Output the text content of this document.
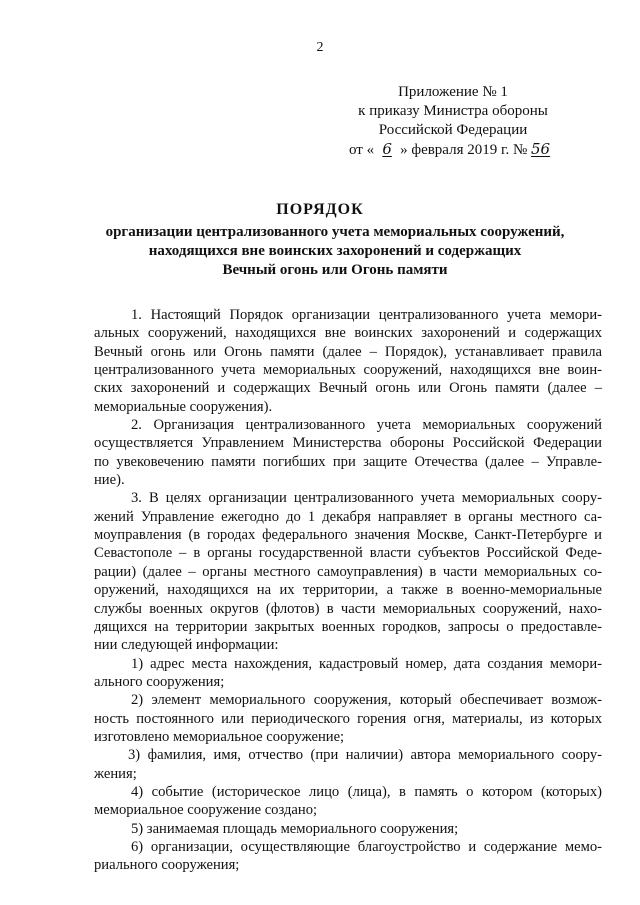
2
Приложение № 1
к приказу Министра обороны
Российской Федерации
от « 6 » февраля 2019 г. № 56
ПОРЯДОК
организации централизованного учета мемориальных сооружений,
находящихся вне воинских захоронений и содержащих
Вечный огонь или Огонь памяти
1. Настоящий Порядок организации централизованного учета мемори-
альных сооружений, находящихся вне воинских захоронений и содержащих
Вечный огонь или Огонь памяти (далее – Порядок), устанавливает правила
централизованного учета мемориальных сооружений, находящихся вне воин-
ских захоронений и содержащих Вечный огонь или Огонь памяти (далее –
мемориальные сооружения).
2. Организация централизованного учета мемориальных сооружений
осуществляется Управлением Министерства обороны Российской Федерации
по увековечению памяти погибших при защите Отечества (далее – Управле-
ние).
3. В целях организации централизованного учета мемориальных соору-
жений Управление ежегодно до 1 декабря направляет в органы местного са-
моуправления (в городах федерального значения Москве, Санкт-Петербурге и
Севастополе – в органы государственной власти субъектов Российской Феде-
рации) (далее – органы местного самоуправления) в части мемориальных со-
оружений, находящихся на их территории, а также в военно-мемориальные
службы военных округов (флотов) в части мемориальных сооружений, нахо-
дящихся на территории закрытых военных городков, запросы о предоставле-
нии следующей информации:
1) адрес места нахождения, кадастровый номер, дата создания мемори-
ального сооружения;
2) элемент мемориального сооружения, который обеспечивает возмож-
ность постоянного или периодического горения огня, материалы, из которых
изготовлено мемориальное сооружение;
3) фамилия, имя, отчество (при наличии) автора мемориального соору-
жения;
4) событие (историческое лицо (лица), в память о котором (которых)
мемориальное сооружение создано;
5) занимаемая площадь мемориального сооружения;
6) организации, осуществляющие благоустройство и содержание мемо-
риального сооружения;
